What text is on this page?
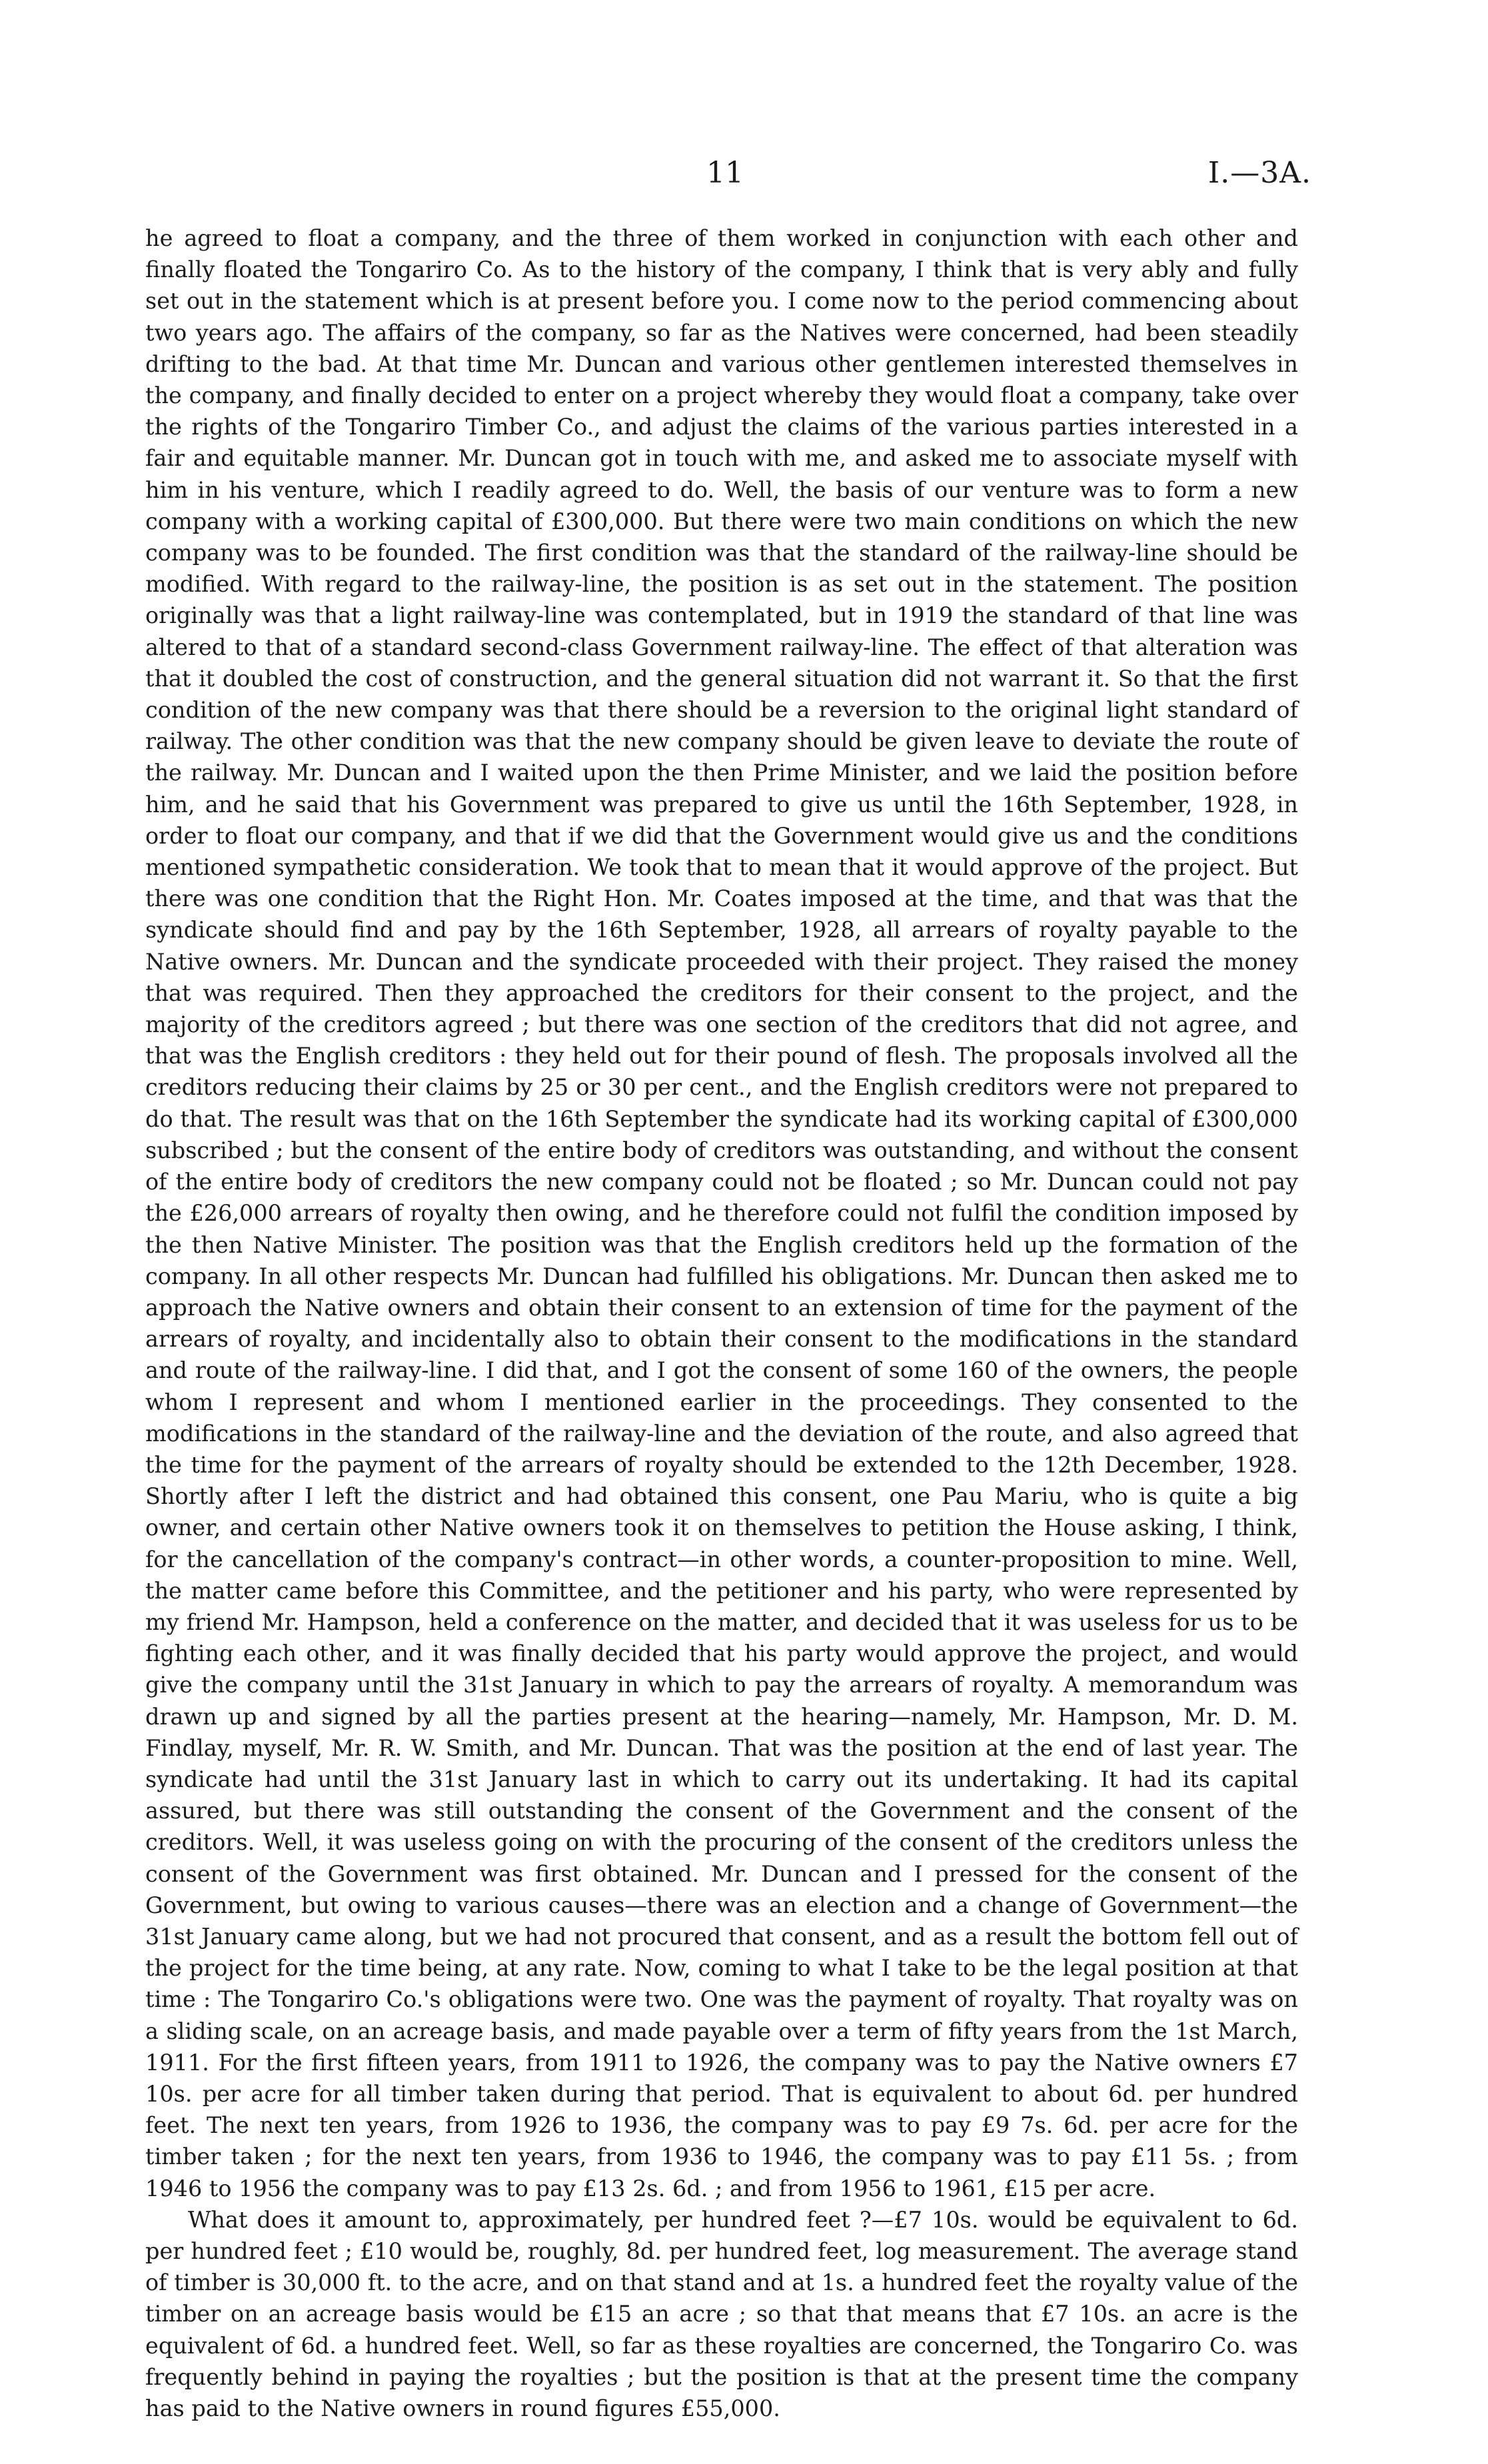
11	I.—3A.

he agreed to float a company, and the three of them worked in conjunction with each other and finally floated the Tongariro Co. As to the history of the company, I think that is very ably and fully set out in the statement which is at present before you. I come now to the period commencing about two years ago. The affairs of the company, so far as the Natives were concerned, had been steadily drifting to the bad. At that time Mr. Duncan and various other gentlemen interested themselves in the company, and finally decided to enter on a project whereby they would float a company, take over the rights of the Tongariro Timber Co., and adjust the claims of the various parties interested in a fair and equitable manner. Mr. Duncan got in touch with me, and asked me to associate myself with him in his venture, which I readily agreed to do. Well, the basis of our venture was to form a new company with a working capital of £300,000. But there were two main conditions on which the new company was to be founded. The first condition was that the standard of the railway-line should be modified. With regard to the railway-line, the position is as set out in the statement. The position originally was that a light railway-line was contemplated, but in 1919 the standard of that line was altered to that of a standard second-class Government railway-line. The effect of that alteration was that it doubled the cost of construction, and the general situation did not warrant it. So that the first condition of the new company was that there should be a reversion to the original light standard of railway. The other condition was that the new company should be given leave to deviate the route of the railway. Mr. Duncan and I waited upon the then Prime Minister, and we laid the position before him, and he said that his Government was prepared to give us until the 16th September, 1928, in order to float our company, and that if we did that the Government would give us and the conditions mentioned sympathetic consideration. We took that to mean that it would approve of the project. But there was one condition that the Right Hon. Mr. Coates imposed at the time, and that was that the syndicate should find and pay by the 16th September, 1928, all arrears of royalty payable to the Native owners. Mr. Duncan and the syndicate proceeded with their project. They raised the money that was required. Then they approached the creditors for their consent to the project, and the majority of the creditors agreed ; but there was one section of the creditors that did not agree, and that was the English creditors : they held out for their pound of flesh. The proposals involved all the creditors reducing their claims by 25 or 30 per cent., and the English creditors were not prepared to do that. The result was that on the 16th September the syndicate had its working capital of £300,000 subscribed ; but the consent of the entire body of creditors was outstanding, and without the consent of the entire body of creditors the new company could not be floated ; so Mr. Duncan could not pay the £26,000 arrears of royalty then owing, and he therefore could not fulfil the condition imposed by the then Native Minister. The position was that the English creditors held up the formation of the company. In all other respects Mr. Duncan had fulfilled his obligations. Mr. Duncan then asked me to approach the Native owners and obtain their consent to an extension of time for the payment of the arrears of royalty, and incidentally also to obtain their consent to the modifications in the standard and route of the railway-line. I did that, and I got the consent of some 160 of the owners, the people whom I represent and whom I mentioned earlier in the proceedings. They consented to the modifications in the standard of the railway-line and the deviation of the route, and also agreed that the time for the payment of the arrears of royalty should be extended to the 12th December, 1928. Shortly after I left the district and had obtained this consent, one Pau Mariu, who is quite a big owner, and certain other Native owners took it on themselves to petition the House asking, I think, for the cancellation of the company's contract—in other words, a counter-proposition to mine. Well, the matter came before this Committee, and the petitioner and his party, who were represented by my friend Mr. Hampson, held a conference on the matter, and decided that it was useless for us to be fighting each other, and it was finally decided that his party would approve the project, and would give the company until the 31st January in which to pay the arrears of royalty. A memorandum was drawn up and signed by all the parties present at the hearing—namely, Mr. Hampson, Mr. D. M. Findlay, myself, Mr. R. W. Smith, and Mr. Duncan. That was the position at the end of last year. The syndicate had until the 31st January last in which to carry out its undertaking. It had its capital assured, but there was still outstanding the consent of the Government and the consent of the creditors. Well, it was useless going on with the procuring of the consent of the creditors unless the consent of the Government was first obtained. Mr. Duncan and I pressed for the consent of the Government, but owing to various causes—there was an election and a change of Government—the 31st January came along, but we had not procured that consent, and as a result the bottom fell out of the project for the time being, at any rate. Now, coming to what I take to be the legal position at that time : The Tongariro Co.'s obligations were two. One was the payment of royalty. That royalty was on a sliding scale, on an acreage basis, and made payable over a term of fifty years from the 1st March, 1911. For the first fifteen years, from 1911 to 1926, the company was to pay the Native owners £7 10s. per acre for all timber taken during that period. That is equivalent to about 6d. per hundred feet. The next ten years, from 1926 to 1936, the company was to pay £9 7s. 6d. per acre for the timber taken ; for the next ten years, from 1936 to 1946, the company was to pay £11 5s. ; from 1946 to 1956 the company was to pay £13 2s. 6d. ; and from 1956 to 1961, £15 per acre.

What does it amount to, approximately, per hundred feet ?—£7 10s. would be equivalent to 6d. per hundred feet ; £10 would be, roughly, 8d. per hundred feet, log measurement. The average stand of timber is 30,000 ft. to the acre, and on that stand and at 1s. a hundred feet the royalty value of the timber on an acreage basis would be £15 an acre ; so that that means that £7 10s. an acre is the equivalent of 6d. a hundred feet. Well, so far as these royalties are concerned, the Tongariro Co. was frequently behind in paying the royalties ; but the position is that at the present time the company has paid to the Native owners in round figures £55,000.
